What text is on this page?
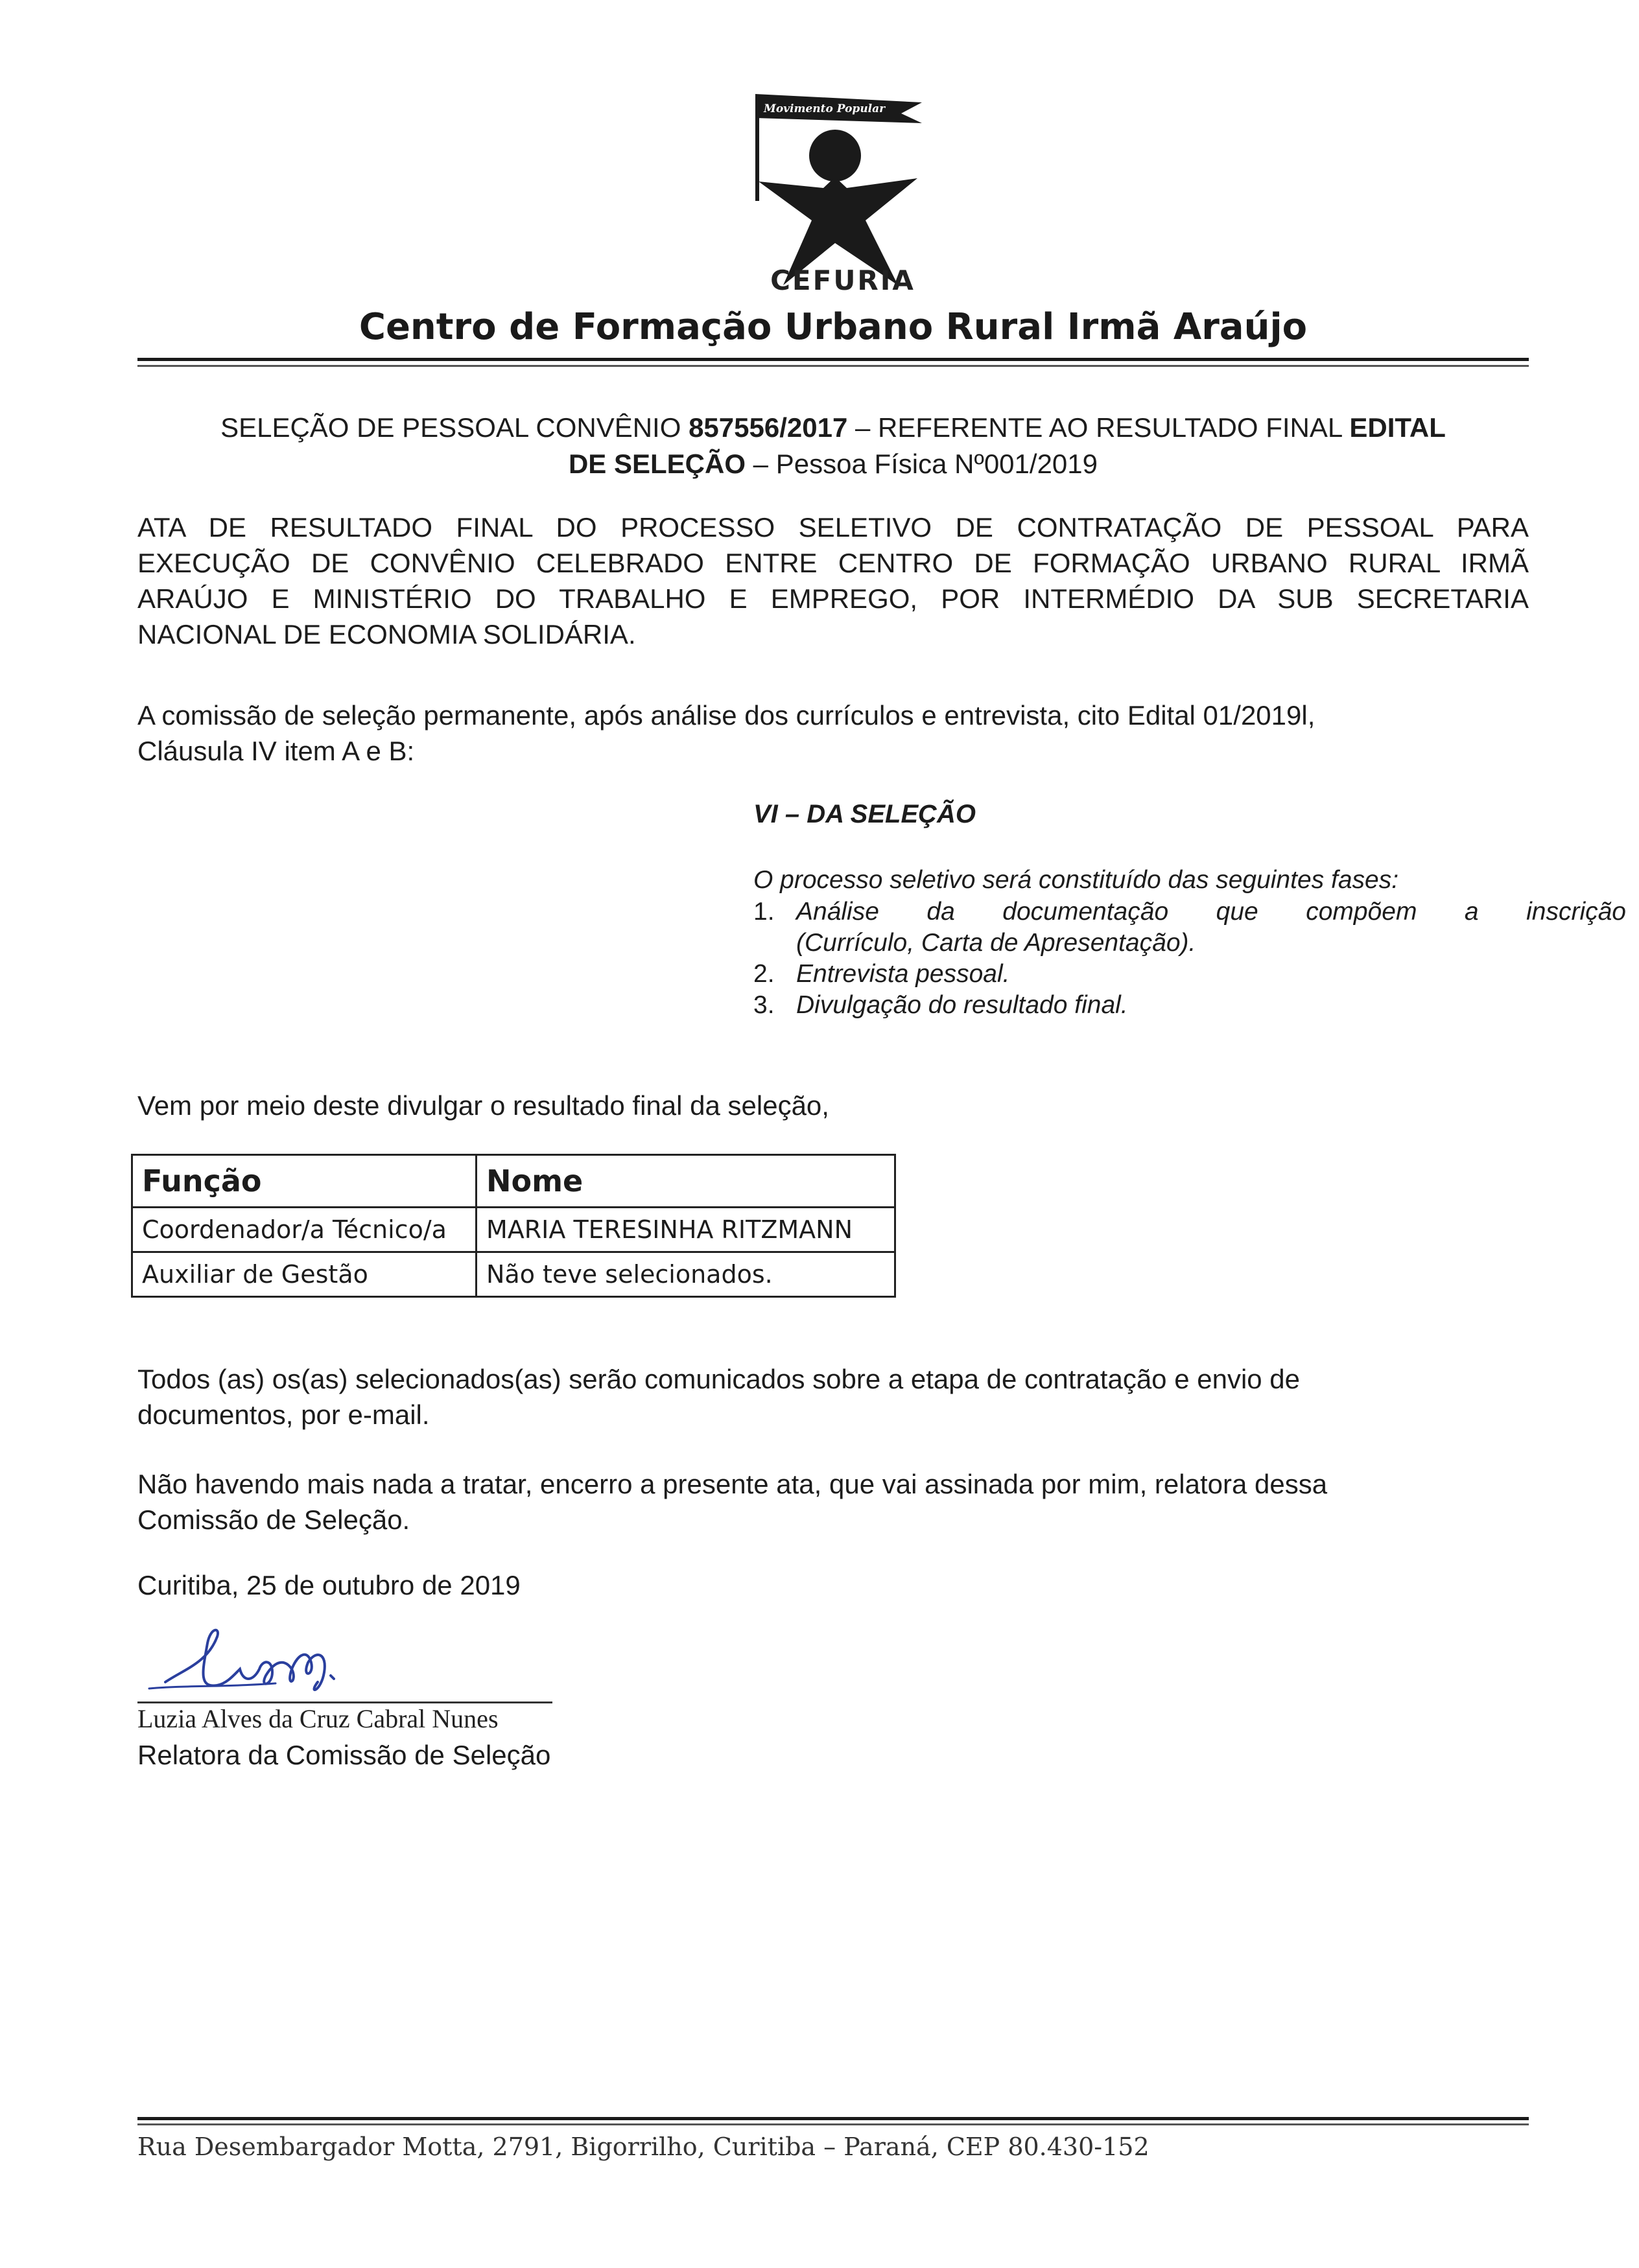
Movimento Popular
CEFURIA
Centro de Formação Urbano Rural Irmã Araújo
SELEÇÃO DE PESSOAL CONVÊNIO 857556/2017 – REFERENTE AO RESULTADO FINAL EDITAL
DE SELEÇÃO – Pessoa Física Nº001/2019
ATA DE RESULTADO FINAL DO PROCESSO SELETIVO DE CONTRATAÇÃO DE PESSOAL PARA
EXECUÇÃO DE CONVÊNIO CELEBRADO ENTRE CENTRO DE FORMAÇÃO URBANO RURAL IRMÃ
ARAÚJO E MINISTÉRIO DO TRABALHO E EMPREGO, POR INTERMÉDIO DA SUB SECRETARIA
NACIONAL DE ECONOMIA SOLIDÁRIA.
A comissão de seleção permanente, após análise dos currículos e entrevista, cito Edital 01/2019l,
Cláusula IV item A e B:
VI – DA SELEÇÃO
O processo seletivo será constituído das seguintes fases:
1. Análise da documentação que compõem a inscrição
(Currículo, Carta de Apresentação).
2. Entrevista pessoal.
3. Divulgação do resultado final.
Vem por meio deste divulgar o resultado final da seleção,
Função	Nome
Coordenador/a Técnico/a	MARIA TERESINHA RITZMANN
Auxiliar de Gestão	Não teve selecionados.
Todos (as) os(as) selecionados(as) serão comunicados sobre a etapa de contratação e envio de
documentos, por e-mail.
Não havendo mais nada a tratar, encerro a presente ata, que vai assinada por mim, relatora dessa
Comissão de Seleção.
Curitiba, 25 de outubro de 2019
Luzia Alves da Cruz Cabral Nunes
Relatora da Comissão de Seleção
Rua Desembargador Motta, 2791, Bigorrilho, Curitiba – Paraná, CEP 80.430-152
